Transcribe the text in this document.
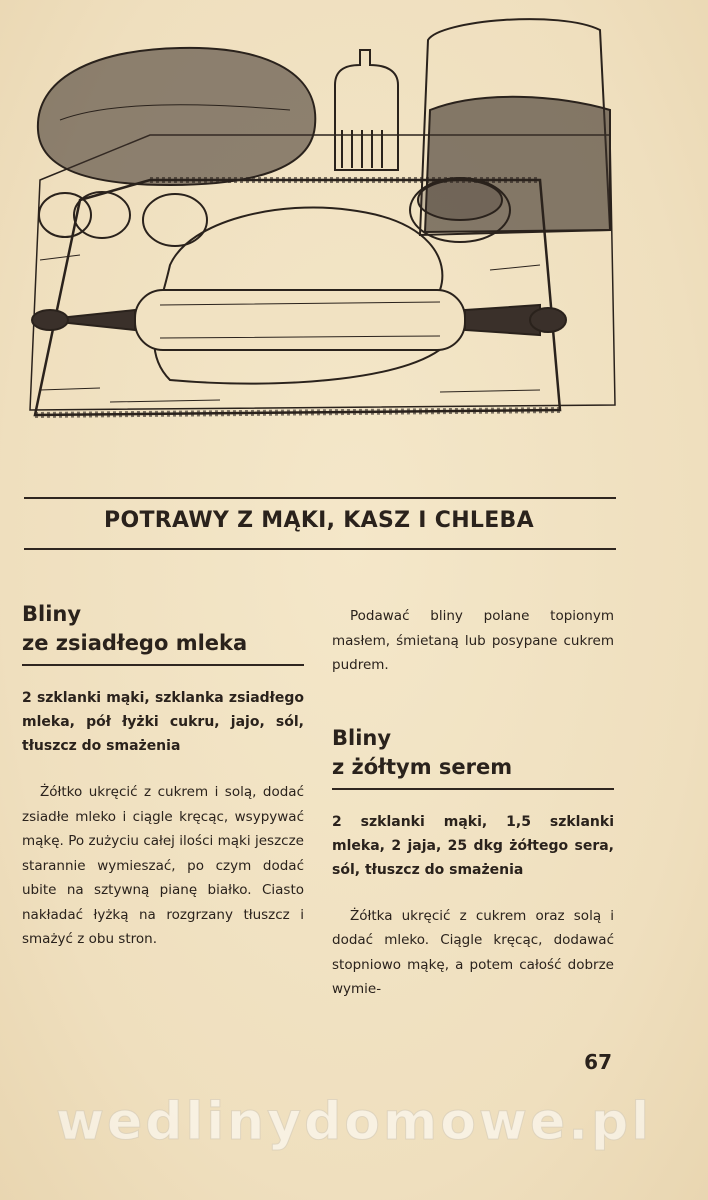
POTRAWY Z MĄKI, KASZ I CHLEBA
Bliny
ze zsiadłego mleka
2 szklanki mąki, szklanka zsiadłego mleka, pół łyżki cukru, jajo, sól, tłuszcz do smażenia
Żółtko ukręcić z cukrem i solą, dodać zsiadłe mleko i ciągle kręcąc, wsypywać mąkę. Po zużyciu całej ilości mąki jeszcze starannie wymieszać, po czym dodać ubite na sztywną pianę białko. Ciasto nakładać łyżką na rozgrzany tłuszcz i smażyć z obu stron.
Podawać bliny polane topionym masłem, śmietaną lub posypane cukrem pudrem.
Bliny
z żółtym serem
2 szklanki mąki, 1,5 szklanki mleka, 2 jaja, 25 dkg żółtego sera, sól, tłuszcz do smażenia
Żółtka ukręcić z cukrem oraz solą i dodać mleko. Ciągle kręcąc, dodawać stopniowo mąkę, a potem całość dobrze wymie-
67
wedlinydomowe.pl
